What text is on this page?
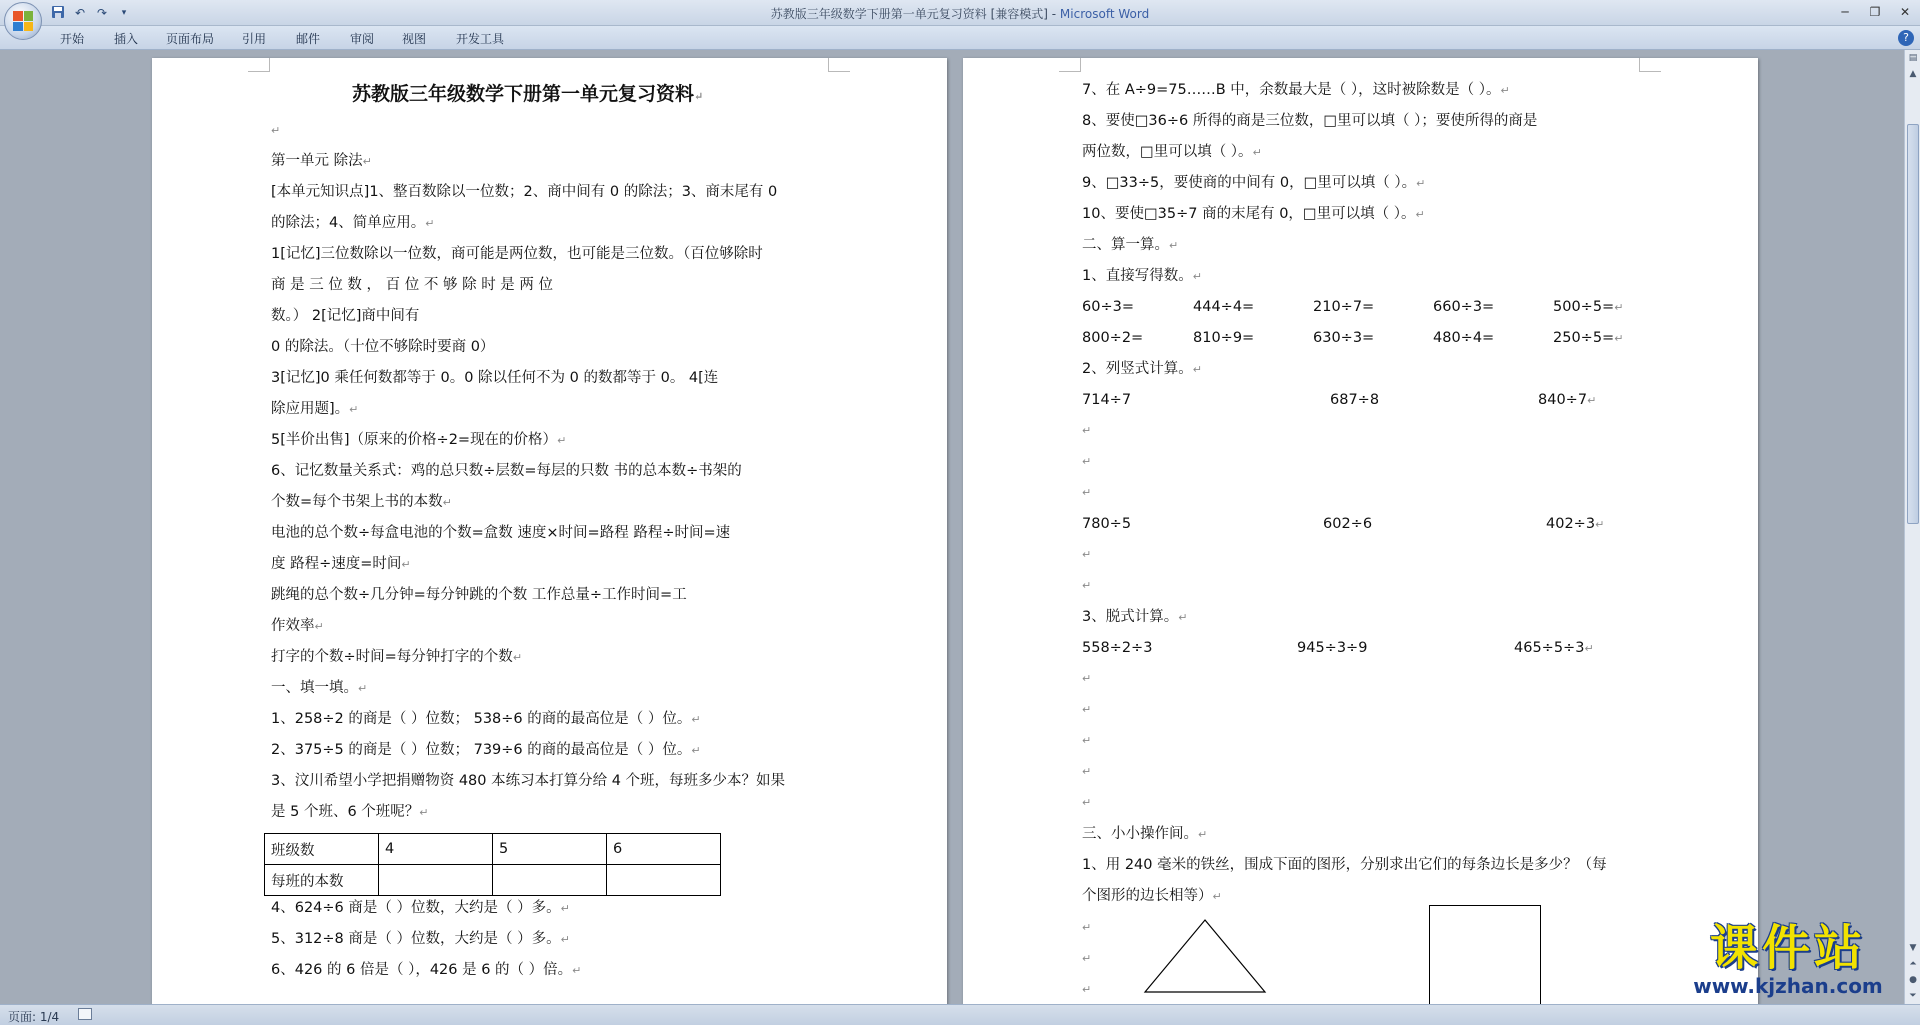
苏教版三年级数学下册第一单元复习资料 [兼容模式] - Microsoft Word
↶ ↷	▾	─	❐	✕
开始 插入 页面布局 引用 邮件 审阅 视图 开发工具	?
苏教版三年级数学下册第一单元复习资料↵
↵
第一单元 除法↵
[本单元知识点]1、整百数除以一位数；2、商中间有 0 的除法；3、商末尾有 0
的除法；4、简单应用。↵
1[记忆]三位数除以一位数，商可能是两位数，也可能是三位数。（百位够除时
商 是 三 位 数 ， 百 位 不 够 除 时 是 两 位
数。） 2[记忆]商中间有
0 的除法。（十位不够除时要商 0）
3[记忆]0 乘任何数都等于 0。0 除以任何不为 0 的数都等于 0。 4[连
除应用题]。↵
5[半价出售]（原来的价格÷2=现在的价格）↵
6、记忆数量关系式：鸡的总只数÷层数=每层的只数 书的总本数÷书架的
个数=每个书架上书的本数↵
电池的总个数÷每盒电池的个数=盒数 速度×时间=路程 路程÷时间=速
度 路程÷速度=时间↵
跳绳的总个数÷几分钟=每分钟跳的个数 工作总量÷工作时间=工
作效率↵
打字的个数÷时间=每分钟打字的个数↵
一、填一填。↵
1、258÷2 的商是（ ）位数； 538÷6 的商的最高位是（ ）位。↵
2、375÷5 的商是（ ）位数； 739÷6 的商的最高位是（ ）位。↵
3、汶川希望小学把捐赠物资 480 本练习本打算分给 4 个班，每班多少本？如果
是 5 个班、6 个班呢？↵
班级数	4	5	6
每班的本数			
4、624÷6 商是（ ）位数，大约是（ ）多。↵
5、312÷8 商是（ ）位数，大约是（ ）多。↵
6、426 的 6 倍是（ ），426 是 6 的（ ）倍。↵
7、在 A÷9=75……B 中，余数最大是（ ），这时被除数是（ ）。↵
8、要使□36÷6 所得的商是三位数，□里可以填（ ）；要使所得的商是
两位数，□里可以填（ ）。↵
9、□33÷5，要使商的中间有 0，□里可以填（ ）。↵
10、要使□35÷7 商的末尾有 0，□里可以填（ ）。↵
二、算一算。↵
1、直接写得数。↵
60÷3=	444÷4=	210÷7=	660÷3=	500÷5=↵
800÷2=	810÷9=	630÷3=	480÷4=	250÷5=↵
2、列竖式计算。↵
714÷7	687÷8	840÷7↵
↵
↵
↵
780÷5	602÷6	402÷3↵
↵
↵
3、脱式计算。↵
558÷2÷3	945÷3÷9	465÷5÷3↵
↵
↵
↵
↵
↵
三、小小操作间。↵
1、用 240 毫米的铁丝，围成下面的图形，分别求出它们的每条边长是多少？（每
个图形的边长相等）↵
↵
↵
↵
▤
▲
▼
⏶
●
⏷
页面: 1/4
课件站
www.kjzhan.com
